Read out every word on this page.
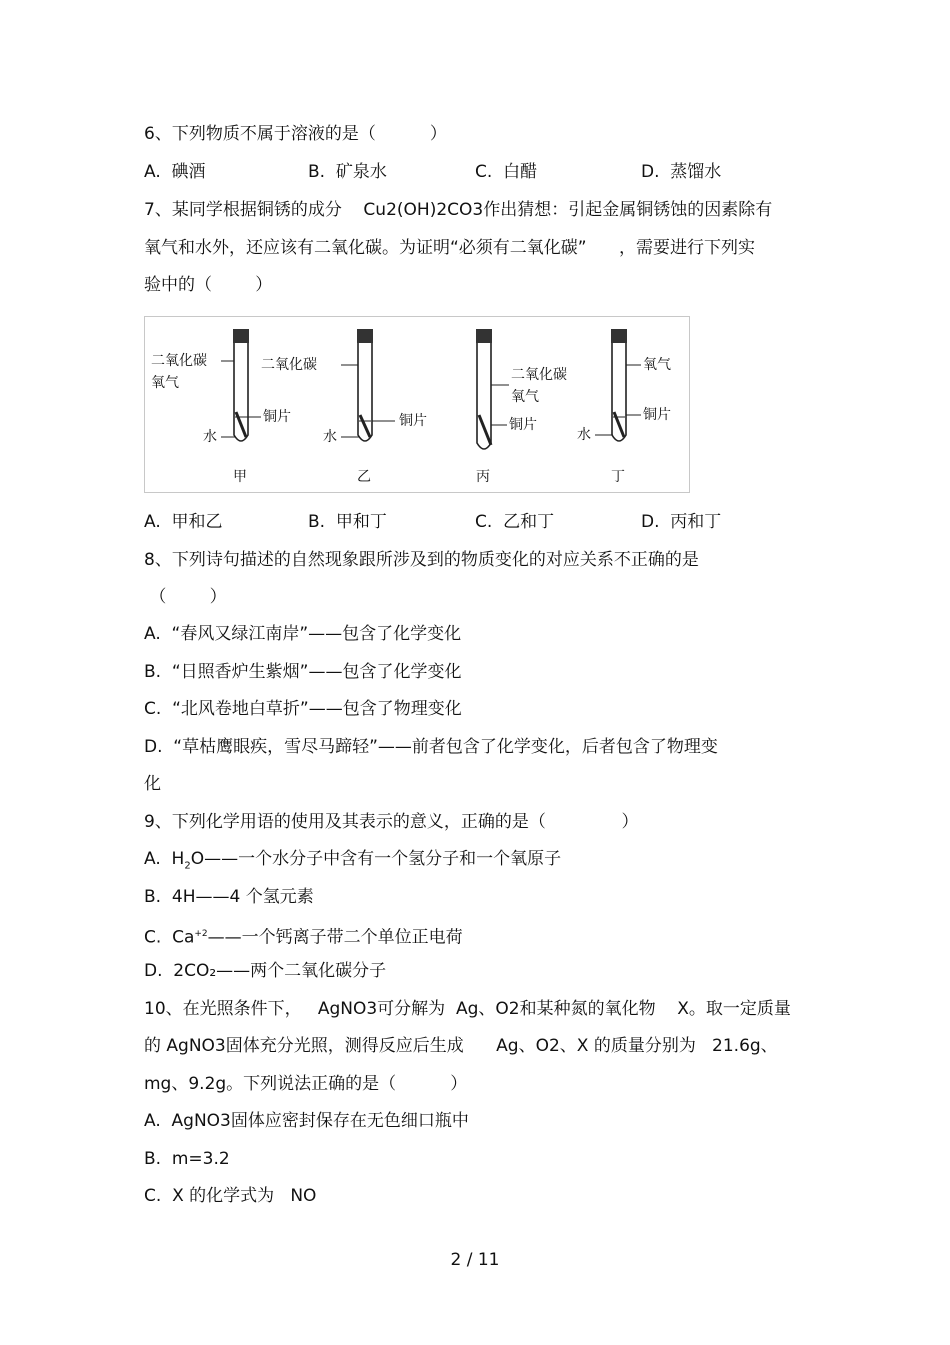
6、下列物质不属于溶液的是（          ）
A.  碘酒	B.  矿泉水	C.  白醋	D.  蒸馏水
7、某同学根据铜锈的成分    Cu2(OH)2CO3作出猜想：引起金属铜锈蚀的因素除有
氧气和水外，还应该有二氧化碳。为证明“必须有二氧化碳”      ，需要进行下列实
验中的（        ）
二氧化碳
氧气
铜片
水
甲
二氧化碳
铜片
水
乙
二氧化碳
氧气
铜片
丙
氧气
铜片
水
丁
A.  甲和乙	B.  甲和丁	C.  乙和丁	D.  丙和丁
8、下列诗句描述的自然现象跟所涉及到的物质变化的对应关系不正确的是
（        ）
A.  “春风又绿江南岸”——包含了化学变化
B.  “日照香炉生紫烟”——包含了化学变化
C.  “北风卷地白草折”——包含了物理变化
D.  “草枯鹰眼疾，雪尽马蹄轻”——前者包含了化学变化，后者包含了物理变
化
9、下列化学用语的使用及其表示的意义，正确的是（              ）
A.  $H_2O——$一个水分子中含有一个氢分子和一个氧原子
B.  4H——4 个氢元素
C.  $Ca^{+2}——$一个钙离子带二个单位正电荷
D.  2CO₂——两个二氧化碳分子
10、在光照条件下，   AgNO3可分解为  Ag、O2和某种氮的氧化物    X。取一定质量
的 AgNO3固体充分光照，测得反应后生成      Ag、O2、X 的质量分别为   21.6g、
mg、9.2g。下列说法正确的是（          ）
A.  AgNO3固体应密封保存在无色细口瓶中
B.  m=3.2
C.  X 的化学式为   NO
2 / 11
